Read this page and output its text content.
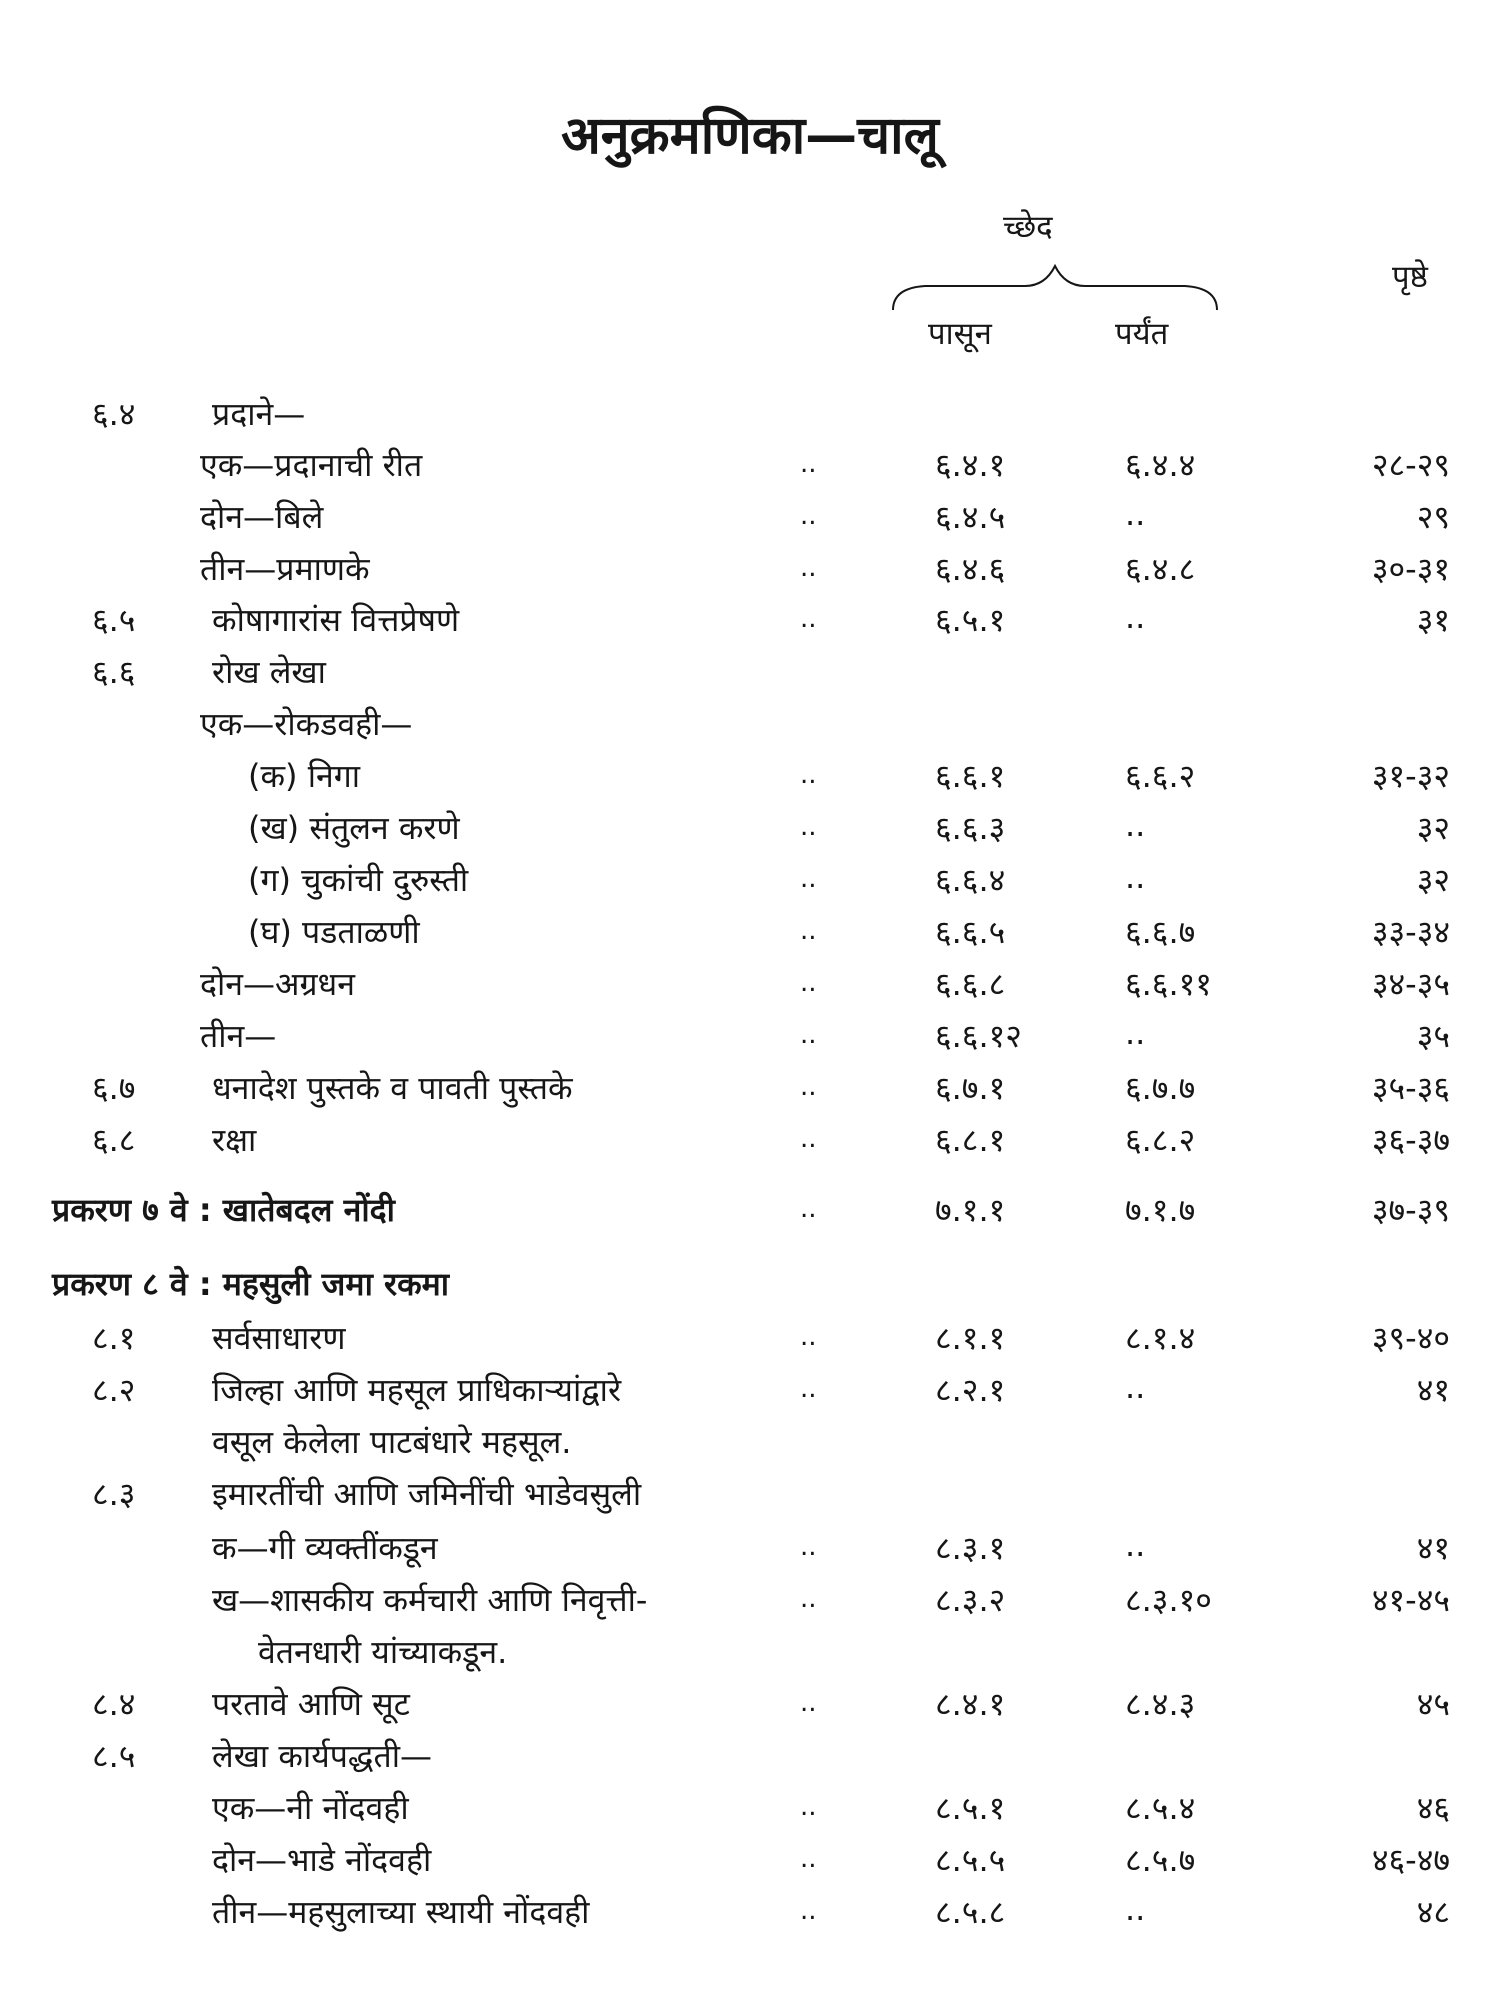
अनुक्रमणिका—चालू
च्छेद
पासून	पर्यंत
पृष्ठे
६.४ प्रदाने—
एक—प्रदानाची रीत	..	६.४.१	६.४.४	२८-२९
दोन—बिले	..	६.४.५	..	२९
तीन—प्रमाणके	..	६.४.६	६.४.८	३०-३१
६.५ कोषागारांस वित्तप्रेषणे	..	६.५.१	..	३१
६.६ रोख लेखा
एक—रोकडवही—
(क) निगा	..	६.६.१	६.६.२	३१-३२
(ख) संतुलन करणे	..	६.६.३	..	३२
(ग) चुकांची दुरुस्ती	..	६.६.४	..	३२
(घ) पडताळणी	..	६.६.५	६.६.७	३३-३४
दोन—अग्रधन	..	६.६.८	६.६.११	३४-३५
तीन—	..	६.६.१२	..	३५
६.७ धनादेश पुस्तके व पावती पुस्तके	..	६.७.१	६.७.७	३५-३६
६.८ रक्षा	..	६.८.१	६.८.२	३६-३७
प्रकरण ७ वे : खातेबदल नोंदी	..	७.१.१	७.१.७	३७-३९
प्रकरण ८ वे : महसुली जमा रकमा
८.१ सर्वसाधारण	..	८.१.१	८.१.४	३९-४०
८.२ जिल्हा आणि महसूल प्राधिकाऱ्यांद्वारे	..	८.२.१	..	४१
वसूल केलेला पाटबंधारे महसूल.
८.३ इमारतींची आणि जमिनींची भाडेवसुली
क—गी व्यक्तींकडून	..	८.३.१	..	४१
ख—शासकीय कर्मचारी आणि निवृत्ती-	..	८.३.२	८.३.१०	४१-४५
वेतनधारी यांच्याकडून.
८.४ परतावे आणि सूट	..	८.४.१	८.४.३	४५
८.५ लेखा कार्यपद्धती—
एक—नी नोंदवही	..	८.५.१	८.५.४	४६
दोन—भाडे नोंदवही	..	८.५.५	८.५.७	४६-४७
तीन—महसुलाच्या स्थायी नोंदवही	..	८.५.८	..	४८
